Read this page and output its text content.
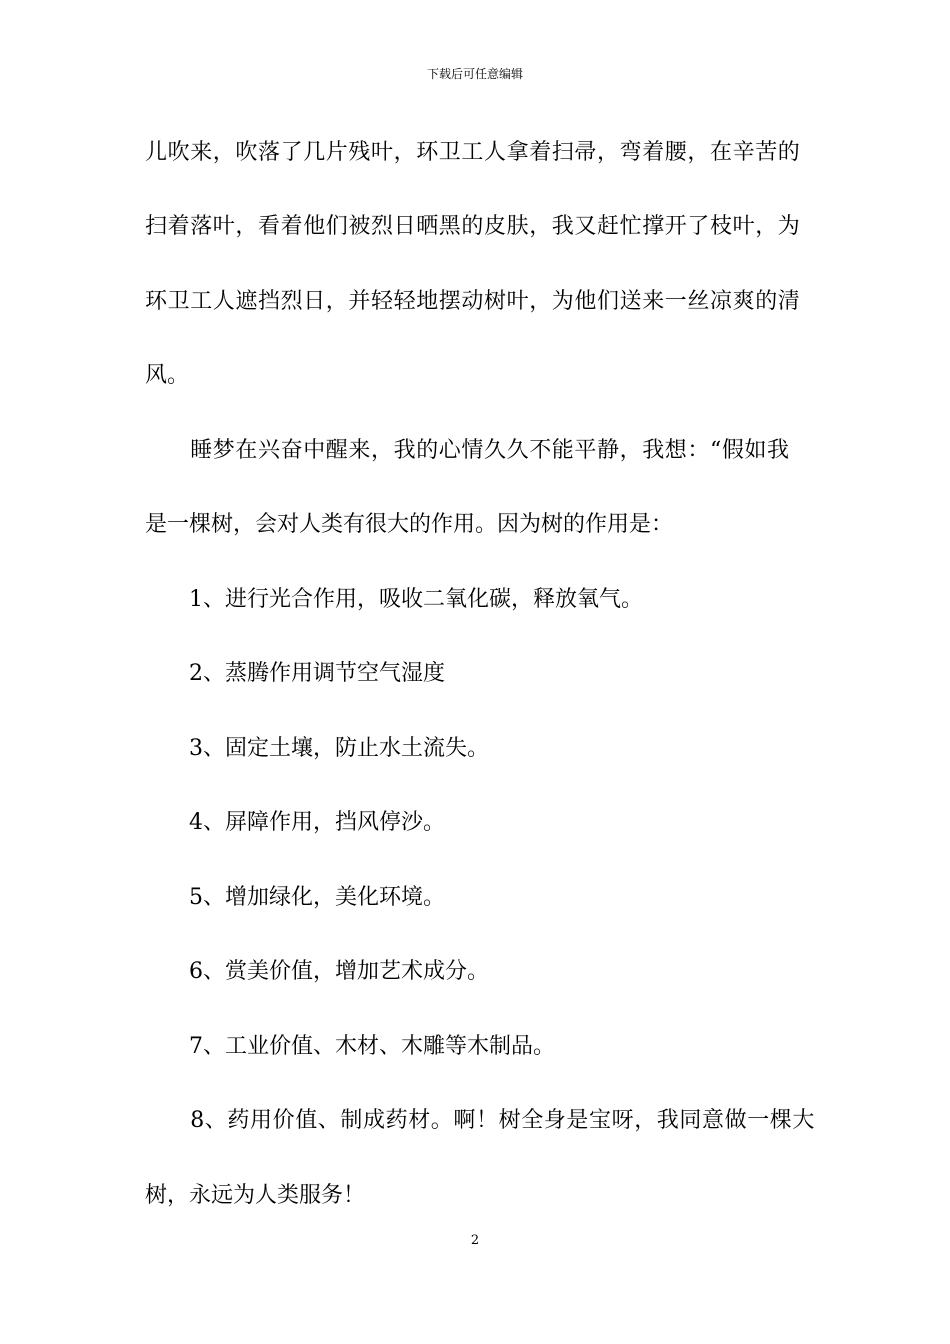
下载后可任意编辑
儿吹来，吹落了几片残叶，环卫工人拿着扫帚，弯着腰，在辛苦的
扫着落叶，看着他们被烈日晒黑的皮肤，我又赶忙撑开了枝叶，为
环卫工人遮挡烈日，并轻轻地摆动树叶，为他们送来一丝凉爽的清
风。
　　睡梦在兴奋中醒来，我的心情久久不能平静，我想：“假如我
是一棵树，会对人类有很大的作用。因为树的作用是：
　　1、进行光合作用，吸收二氧化碳，释放氧气。
　　2、蒸腾作用调节空气湿度
　　3、固定土壤，防止水土流失。
　　4、屏障作用，挡风停沙。
　　5、增加绿化，美化环境。
　　6、赏美价值，增加艺术成分。
　　7、工业价值、木材、木雕等木制品。
　　8、药用价值、制成药材。啊！树全身是宝呀，我同意做一棵大
树，永远为人类服务！
2
